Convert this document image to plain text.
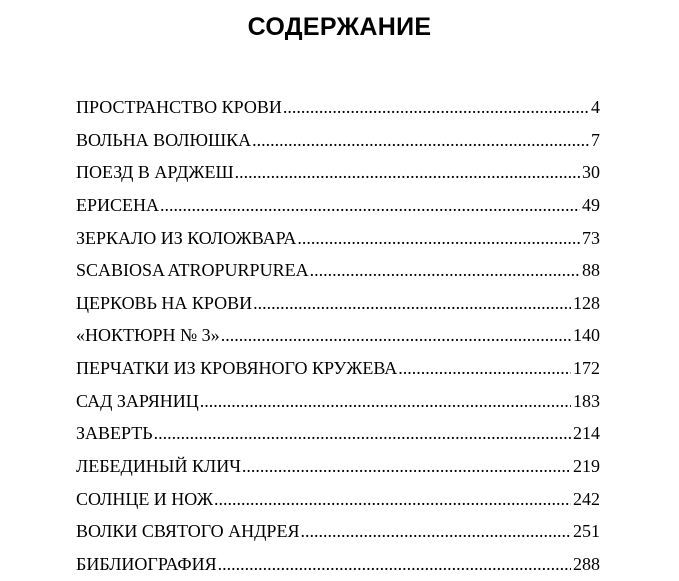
СОДЕРЖАНИЕ
ПРОСТРАНСТВО КРОВИ .....	4
ВОЛЬНА ВОЛЮШКА .....	7
ПОЕЗД В АРДЖЕШ .....	30
ЕРИСЕНА .....	49
ЗЕРКАЛО ИЗ КОЛОЖВАРА .....	73
SCABIOSA ATROPURPUREA .....	88
ЦЕРКОВЬ НА КРОВИ .....	128
«НОКТЮРН № 3» .....	140
ПЕРЧАТКИ ИЗ КРОВЯНОГО КРУЖЕВА .....	172
САД ЗАРЯНИЦ .....	183
ЗАВЕРТЬ .....	214
ЛЕБЕДИНЫЙ КЛИЧ .....	219
СОЛНЦЕ И НОЖ .....	242
ВОЛКИ СВЯТОГО АНДРЕЯ .....	251
БИБЛИОГРАФИЯ .....	288
